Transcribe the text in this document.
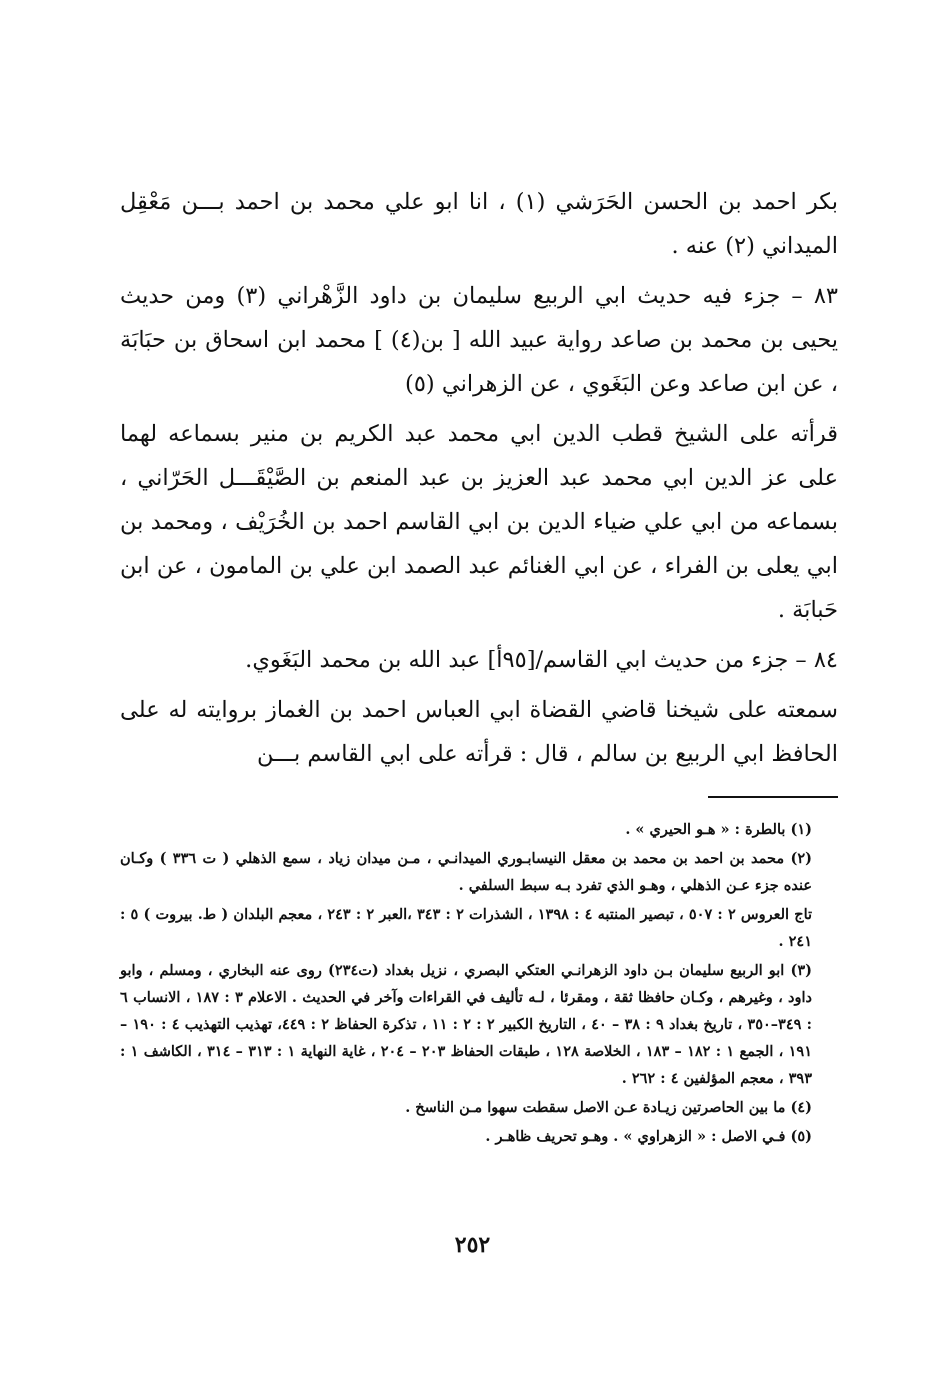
بكر احمد بن الحسن الحَرَشي (١) ، انا ابو علي محمد بن احمد بـــن مَعْقِل الميداني (٢) عنه .

٨٣ – جزء فيه حديث ابي الربيع سليمان بن داود الزَّهْراني (٣) ومن حديث يحيى بن محمد بن صاعد رواية عبيد الله [ بن(٤) ] محمد ابن اسحاق بن حبَابَة ، عن ابن صاعد وعن البَغَوي ، عن الزهراني (٥)

قرأته على الشيخ قطب الدين ابي محمد عبد الكريم بن منير بسماعه لهما على عز الدين ابي محمد عبد العزيز بن عبد المنعم بن الصَّيْقَـــل الحَرّاني ، بسماعه من ابي علي ضياء الدين بن ابي القاسم احمد بن الخُرَيْف ، ومحمد بن ابي يعلى بن الفراء ، عن ابي الغنائم عبد الصمد ابن علي بن المامون ، عن ابن حَبابَة .

٨٤ – جزء من حديث ابي القاسم/[٩٥أ] عبد الله بن محمد البَغَوي.

سمعته على شيخنا قاضي القضاة ابي العباس احمد بن الغماز بروايته له على الحافظ ابي الربيع بن سالم ، قال : قرأته على ابي القاسم بـــن

(١) بالطرة : « هـو الحيري » .

(٢) محمد بن احمد بن محمد بن معقل النيسابـوري الميدانـي ، مـن ميدان زياد ، سمع الذهلي ( ت ٣٣٦ ) وكـان عنده جزء عـن الذهلي ، وهـو الذي تفرد بـه سبط السلفي .

تاج العروس ٢ : ٥٠٧ ، تبصير المنتبه ٤ : ١٣٩٨ ، الشذرات ٢ : ٣٤٣ ،العبر ٢ : ٢٤٣ ، معجم البلدان ( ط. بيروت ) ٥ : ٢٤١ .

(٣) ابو الربيع سليمان بـن داود الزهرانـي العتكي البصري ، نزيل بغداد (ت٢٣٤) روى عنه البخاري ، ومسلم ، وابو داود ، وغيرهم ، وكـان حافظا ثقة ، ومقرئا ، لـه تأليف في القراءات وآخر في الحديث . الاعلام ٣ : ١٨٧ ، الانساب ٦ : ٣٤٩–٣٥٠ ، تاريخ بغداد ٩ : ٣٨ – ٤٠ ، التاريخ الكبير ٢ : ٢ : ١١ ، تذكرة الحفاظ ٢ : ٤٤٩، تهذيب التهذيب ٤ : ١٩٠ – ١٩١ ، الجمع ١ : ١٨٢ – ١٨٣ ، الخلاصة ١٢٨ ، طبقات الحفاظ ٢٠٣ – ٢٠٤ ، غاية النهاية ١ : ٣١٣ – ٣١٤ ، الكاشف ١ : ٣٩٣ ، معجم المؤلفين ٤ : ٢٦٢ .

(٤) ما بين الحاصرتين زيـادة عـن الاصل سقطت سهوا مـن الناسخ .

(٥) فـي الاصل : « الزهراوي » . وهـو تحريف ظاهـر .

٢٥٢
